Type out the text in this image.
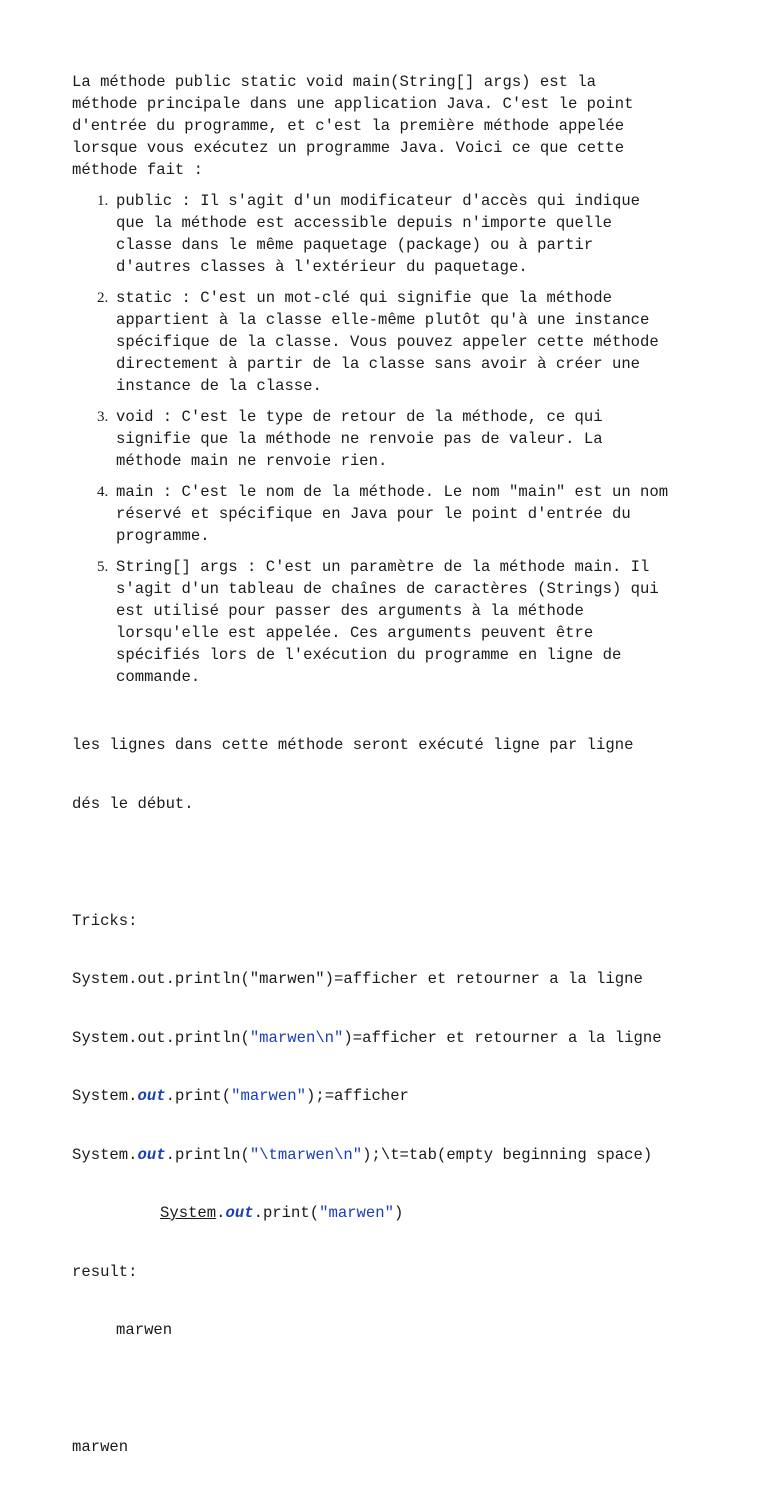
La méthode public static void main(String[] args) est la

méthode principale dans une application Java. C'est le point

d'entrée du programme, et c'est la première méthode appelée

lorsque vous exécutez un programme Java. Voici ce que cette

méthode fait :

1. public : Il s'agit d'un modificateur d'accès qui indique
que la méthode est accessible depuis n'importe quelle
classe dans le même paquetage (package) ou à partir
d'autres classes à l'extérieur du paquetage.
2. static : C'est un mot-clé qui signifie que la méthode
appartient à la classe elle-même plutôt qu'à une instance
spécifique de la classe. Vous pouvez appeler cette méthode
directement à partir de la classe sans avoir à créer une
instance de la classe.
3. void : C'est le type de retour de la méthode, ce qui
signifie que la méthode ne renvoie pas de valeur. La
méthode main ne renvoie rien.
4. main : C'est le nom de la méthode. Le nom "main" est un nom
réservé et spécifique en Java pour le point d'entrée du
programme.
5. String[] args : C'est un paramètre de la méthode main. Il
s'agit d'un tableau de chaînes de caractères (Strings) qui
est utilisé pour passer des arguments à la méthode
lorsqu'elle est appelée. Ces arguments peuvent être
spécifiés lors de l'exécution du programme en ligne de
commande.

les lignes dans cette méthode seront exécuté ligne par ligne

dés le début.

Tricks:

System.out.println("marwen")=afficher et retourner a la ligne

System.out.println("marwen\n")=afficher et retourner a la ligne

System.out.print("marwen");=afficher

System.out.println("\tmarwen\n");\t=tab(empty beginning space)

System.out.print("marwen")

result:

marwen

marwen
